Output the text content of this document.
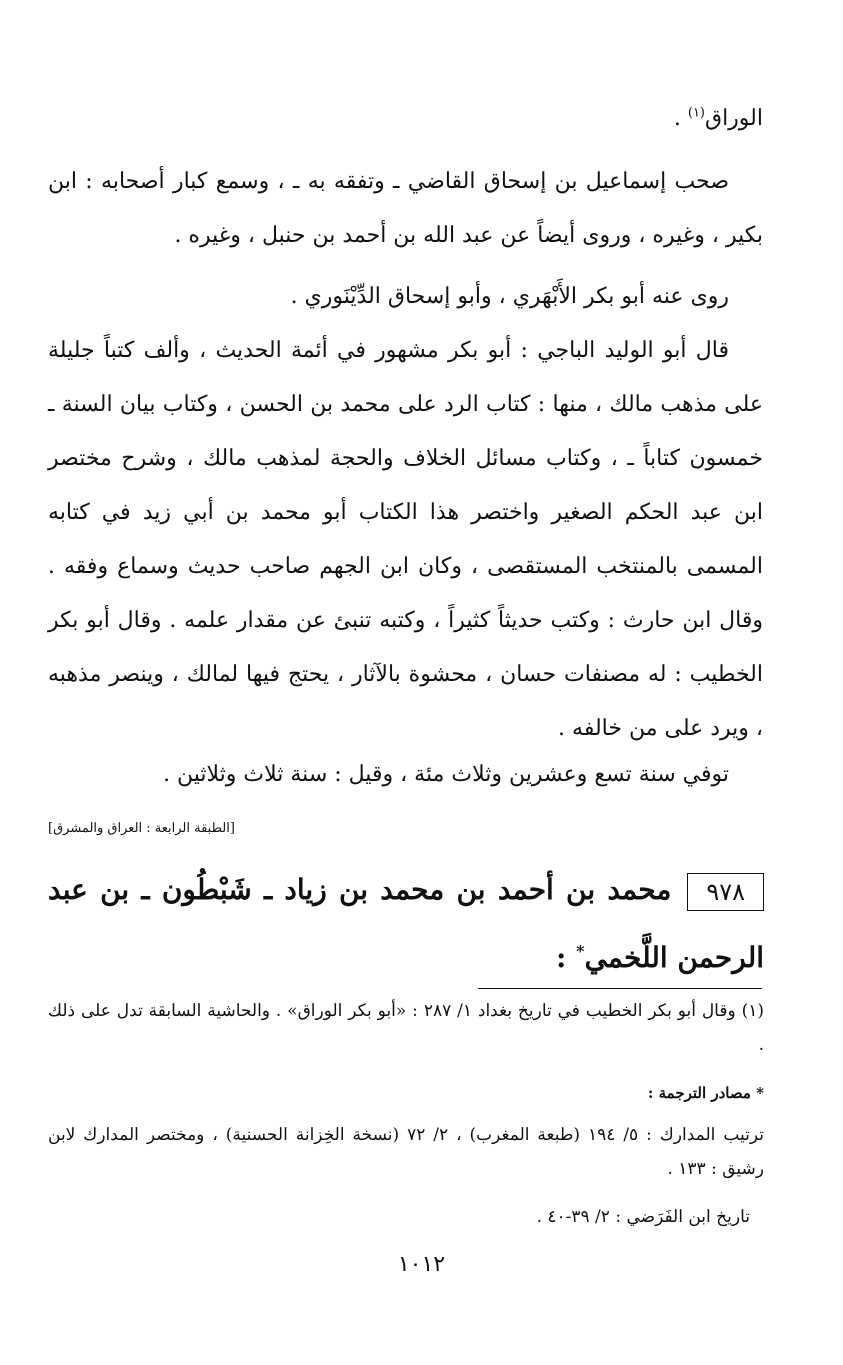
الوراق$^{(١)}$ .
صحب إسماعيل بن إسحاق القاضي ـ وتفقه به ـ ، وسمع كبار أصحابه : ابن بكير ، وغيره ، وروى أيضاً عن عبد الله بن أحمد بن حنبل ، وغيره .
روى عنه أبو بكر الأَبْهَري ، وأبو إسحاق الدِّيْنَوري .
قال أبو الوليد الباجي : أبو بكر مشهور في أئمة الحديث ، وألف كتباً جليلة على مذهب مالك ، منها : كتاب الرد على محمد بن الحسن ، وكتاب بيان السنة ـ خمسون كتاباً ـ ، وكتاب مسائل الخلاف والحجة لمذهب مالك ، وشرح مختصر ابن عبد الحكم الصغير واختصر هذا الكتاب أبو محمد بن أبي زيد في كتابه المسمى بالمنتخب المستقصى ، وكان ابن الجهم صاحب حديث وسماع وفقه . وقال ابن حارث : وكتب حديثاً كثيراً ، وكتبه تنبئ عن مقدار علمه . وقال أبو بكر الخطيب : له مصنفات حسان ، محشوة بالآثار ، يحتج فيها لمالك ، وينصر مذهبه ، ويرد على من خالفه .
توفي سنة تسع وعشرين وثلاث مئة ، وقيل : سنة ثلاث وثلاثين .
[الطبقة الرابعة : العراق والمشرق]
٩٧٨محمد بن أحمد بن محمد بن زياد ـ شَبْطُون ـ بن عبد الرحمن اللَّخمي* :
(١) وقال أبو بكر الخطيب في تاريخ بغداد ١/ ٢٨٧ : «أبو بكر الوراق» . والحاشية السابقة تدل على ذلك .
* مصادر الترجمة :
ترتيب المدارك : ٥/ ١٩٤ (طبعة المغرب) ، ٢/ ٧٢ (نسخة الخِزانة الحسنية) ، ومختصر المدارك لابن رشيق : ١٣٣ .
تاريخ ابن الفَرَضي : ٢/ ٣٩-٤٠ .
١٠١٢
